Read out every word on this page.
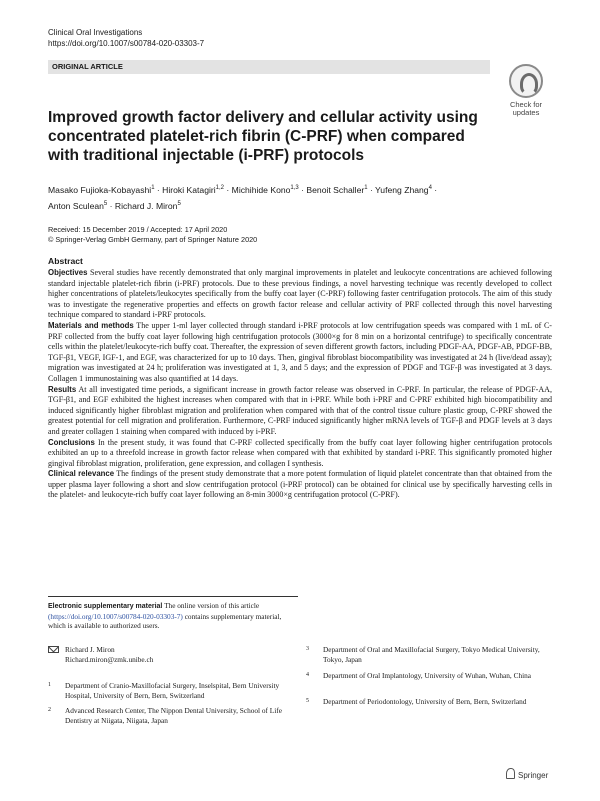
Clinical Oral Investigations
https://doi.org/10.1007/s00784-020-03303-7
ORIGINAL ARTICLE
Check for
updates
Improved growth factor delivery and cellular activity using concentrated platelet-rich fibrin (C-PRF) when compared with traditional injectable (i-PRF) protocols
Masako Fujioka-Kobayashi$^1$ · Hiroki Katagiri$^{1,2}$ · Michihide Kono$^{1,3}$ · Benoit Schaller$^1$ · Yufeng Zhang$^4$ ·
Anton Sculean$^5$ · Richard J. Miron$^5$
Received: 15 December 2019 / Accepted: 17 April 2020
© Springer-Verlag GmbH Germany, part of Springer Nature 2020
Abstract

Objectives Several studies have recently demonstrated that only marginal improvements in platelet and leukocyte concentrations are achieved following standard injectable platelet-rich fibrin (i-PRF) protocols. Due to these previous findings, a novel harvesting technique was recently developed to collect higher concentrations of platelets/leukocytes specifically from the buffy coat layer (C-PRF) following faster centrifugation protocols. The aim of this study was to investigate the regenerative properties and effects on growth factor release and cellular activity of PRF collected through this novel harvesting technique compared to standard i-PRF protocols.

Materials and methods The upper 1-ml layer collected through standard i-PRF protocols at low centrifugation speeds was compared with 1 mL of C-PRF collected from the buffy coat layer following high centrifugation protocols (3000×g for 8 min on a horizontal centrifuge) to specifically concentrate cells within the platelet/leukocyte-rich buffy coat. Thereafter, the expression of seven different growth factors, including PDGF-AA, PDGF-AB, PDGF-BB, TGF-β1, VEGF, IGF-1, and EGF, was characterized for up to 10 days. Then, gingival fibroblast biocompatibility was investigated at 24 h (live/dead assay); migration was investigated at 24 h; proliferation was investigated at 1, 3, and 5 days; and the expression of PDGF and TGF-β was investigated at 3 days. Collagen 1 immunostaining was also quantified at 14 days.

Results At all investigated time periods, a significant increase in growth factor release was observed in C-PRF. In particular, the release of PDGF-AA, TGF-β1, and EGF exhibited the highest increases when compared with that in i-PRF. While both i-PRF and C-PRF exhibited high biocompatibility and induced significantly higher fibroblast migration and proliferation when compared with that of the control tissue culture plastic group, C-PRF showed the greatest potential for cell migration and proliferation. Furthermore, C-PRF induced significantly higher mRNA levels of TGF-β and PDGF levels at 3 days and greater collagen 1 staining when compared with induced by i-PRF.

Conclusions In the present study, it was found that C-PRF collected specifically from the buffy coat layer following higher centrifugation protocols exhibited an up to a threefold increase in growth factor release when compared with that exhibited by standard i-PRF. This significantly promoted higher gingival fibroblast migration, proliferation, gene expression, and collagen I synthesis.

Clinical relevance The findings of the present study demonstrate that a more potent formulation of liquid platelet concentrate than that obtained from the upper plasma layer following a short and slow centrifugation protocol (i-PRF protocol) can be obtained for clinical use by specifically harvesting cells in the platelet- and leukocyte-rich buffy coat layer following an 8-min 3000×g centrifugation protocol (C-PRF).

Electronic supplementary material The online version of this article (https://doi.org/10.1007/s00784-020-03303-7) contains supplementary material, which is available to authorized users.
Richard J. Miron
Richard.miron@zmk.unibe.ch
1 Department of Cranio-Maxillofacial Surgery, Inselspital, Bern University Hospital, University of Bern, Bern, Switzerland
2 Advanced Research Center, The Nippon Dental University, School of Life Dentistry at Niigata, Niigata, Japan
3 Department of Oral and Maxillofacial Surgery, Tokyo Medical University, Tokyo, Japan
4 Department of Oral Implantology, University of Wuhan, Wuhan, China
5 Department of Periodontology, University of Bern, Bern, Switzerland
Springer
